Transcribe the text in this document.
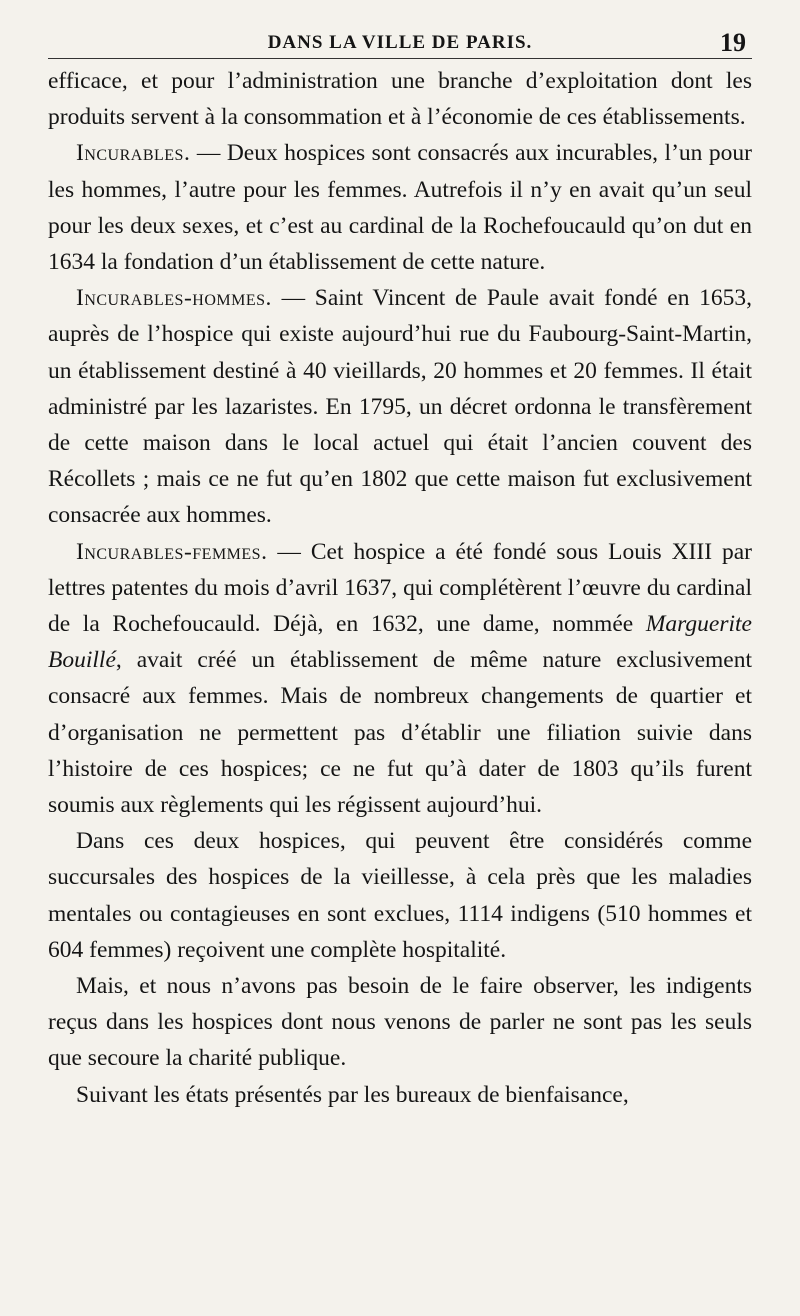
DANS LA VILLE DE PARIS.	19

efficace, et pour l’administration une branche d’exploitation dont les produits servent à la consommation et à l’économie de ces établissements.

Incurables. — Deux hospices sont consacrés aux incurables, l’un pour les hommes, l’autre pour les femmes. Autrefois il n’y en avait qu’un seul pour les deux sexes, et c’est au cardinal de la Rochefoucauld qu’on dut en 1634 la fondation d’un établissement de cette nature.

Incurables-hommes. — Saint Vincent de Paule avait fondé en 1653, auprès de l’hospice qui existe aujourd’hui rue du Faubourg-Saint-Martin, un établissement destiné à 40 vieillards, 20 hommes et 20 femmes. Il était administré par les lazaristes. En 1795, un décret ordonna le transfèrement de cette maison dans le local actuel qui était l’ancien couvent des Récollets ; mais ce ne fut qu’en 1802 que cette maison fut exclusivement consacrée aux hommes.

Incurables-femmes. — Cet hospice a été fondé sous Louis XIII par lettres patentes du mois d’avril 1637, qui complétèrent l’œuvre du cardinal de la Rochefoucauld. Déjà, en 1632, une dame, nommée Marguerite Bouillé, avait créé un établissement de même nature exclusivement consacré aux femmes. Mais de nombreux changements de quartier et d’organisation ne permettent pas d’établir une filiation suivie dans l’histoire de ces hospices; ce ne fut qu’à dater de 1803 qu’ils furent soumis aux règlements qui les régissent aujourd’hui.

Dans ces deux hospices, qui peuvent être considérés comme succursales des hospices de la vieillesse, à cela près que les maladies mentales ou contagieuses en sont exclues, 1114 indigens (510 hommes et 604 femmes) reçoivent une complète hospitalité.

Mais, et nous n’avons pas besoin de le faire observer, les indigents reçus dans les hospices dont nous venons de parler ne sont pas les seuls que secoure la charité publique.

Suivant les états présentés par les bureaux de bienfaisance,
